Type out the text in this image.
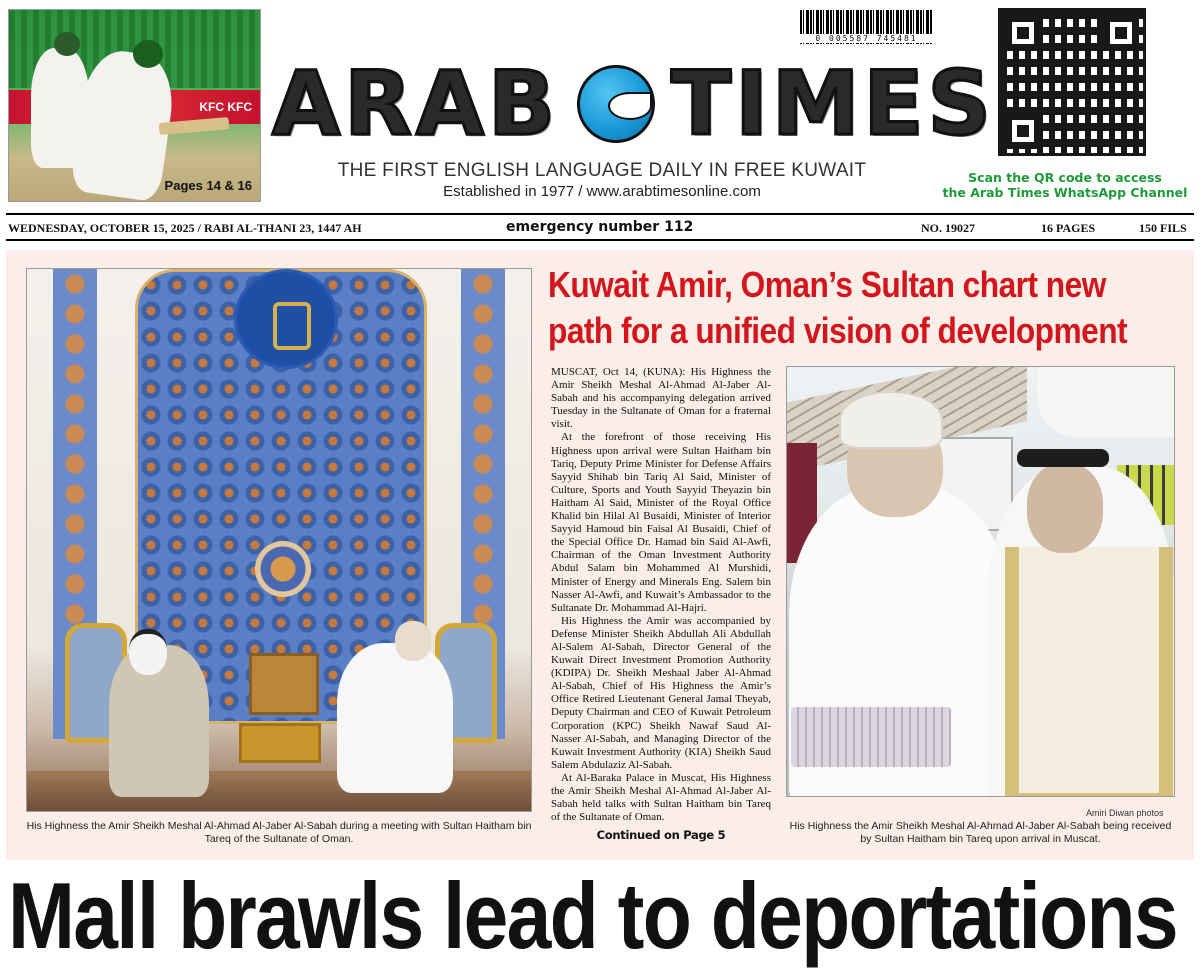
KFC KFC
Pages 14 & 16
0 005587 745481
ARAB TIMES
THE FIRST ENGLISH LANGUAGE DAILY IN FREE KUWAIT
Established in 1977 / www.arabtimesonline.com
Scan the QR code to access
the Arab Times WhatsApp Channel
WEDNESDAY, OCTOBER 15, 2025 / RABI AL-THANI 23, 1447 AH	emergency number 112	NO. 19027	16 PAGES	150 FILS
His Highness the Amir Sheikh Meshal Al-Ahmad Al-Jaber Al-Sabah during a meeting with Sultan Haitham bin Tareq of the Sultanate of Oman.
Kuwait Amir, Oman’s Sultan chart new
path for a unified vision of development

MUSCAT, Oct 14, (KUNA): His Highness the Amir Sheikh Meshal Al-Ahmad Al-Jaber Al-Sabah and his accompanying delegation arrived Tuesday in the Sultanate of Oman for a fraternal visit.

At the forefront of those receiving His Highness upon arrival were Sultan Haitham bin Tariq, Deputy Prime Minister for Defense Affairs Sayyid Shihab bin Tariq Al Said, Minister of Culture, Sports and Youth Sayyid Theyazin bin Haitham Al Said, Minister of the Royal Office Khalid bin Hilal Al Busaidi, Minister of Interior Sayyid Hamoud bin Faisal Al Busaidi, Chief of the Special Office Dr. Hamad bin Said Al-Awfi, Chairman of the Oman Investment Authority Abdul Salam bin Mohammed Al Murshidi, Minister of Energy and Minerals Eng. Salem bin Nasser Al-Awfi, and Kuwait’s Ambassador to the Sultanate Dr. Mohammad Al-Hajri.

His Highness the Amir was accompanied by Defense Minister Sheikh Abdullah Ali Abdullah Al-Salem Al-Sabah, Director General of the Kuwait Direct Investment Promotion Authority (KDIPA) Dr. Sheikh Meshaal Jaber Al-Ahmad Al-Sabah, Chief of His Highness the Amir’s Office Retired Lieutenant General Jamal Theyab, Deputy Chairman and CEO of Kuwait Petroleum Corporation (KPC) Sheikh Nawaf Saud Al-Nasser Al-Sabah, and Managing Director of the Kuwait Investment Authority (KIA) Sheikh Saud Salem Abdulaziz Al-Sabah.

At Al-Baraka Palace in Muscat, His Highness the Amir Sheikh Meshal Al-Ahmad Al-Jaber Al-Sabah held talks with Sultan Haitham bin Tareq of the Sultanate of Oman.

Continued on Page 5
Amiri Diwan photos
His Highness the Amir Sheikh Meshal Al-Ahmad Al-Jaber Al-Sabah being received by Sultan Haitham bin Tareq upon arrival in Muscat.
Mall brawls lead to deportations
